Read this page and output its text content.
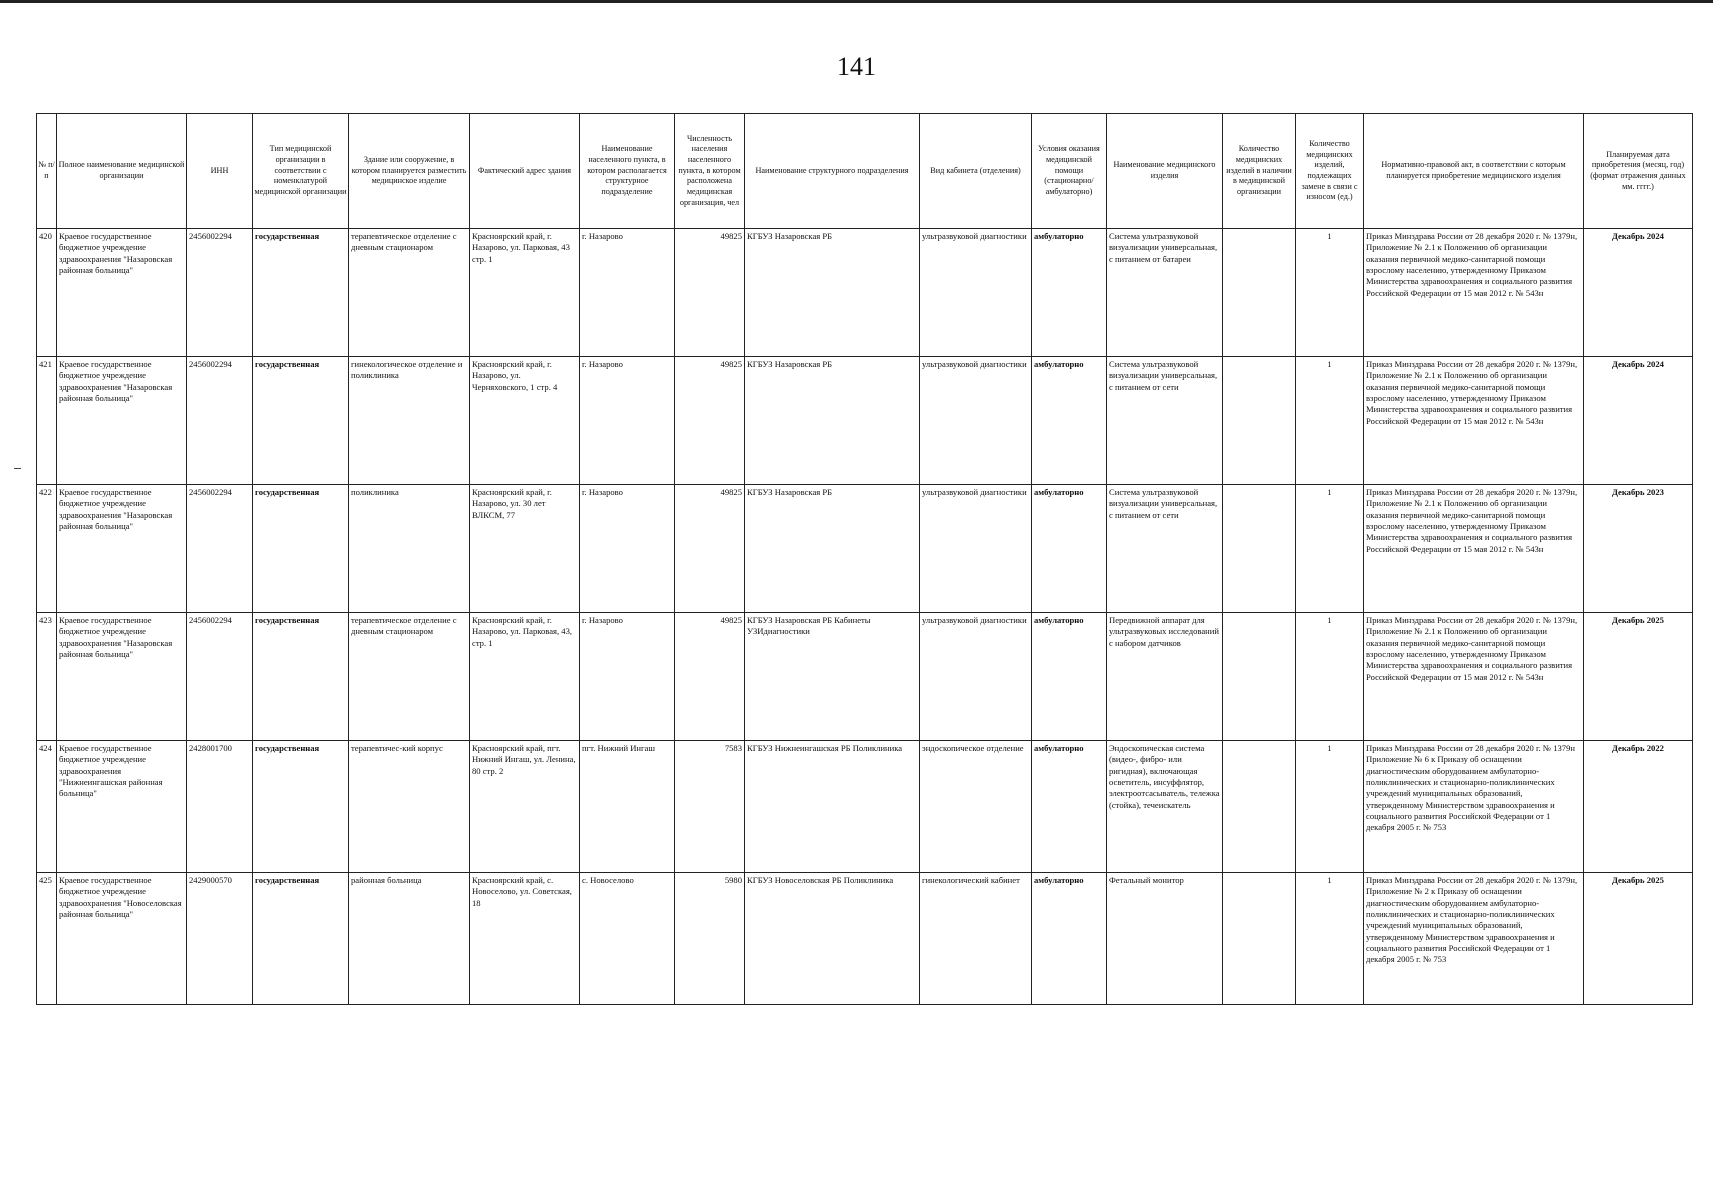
141
№ п/п	Полное наименование медицинской организации	ИНН	Тип медицинской организации в соответствии с номенклатурой медицинской организации	Здание или сооружение, в котором планируется разместить медицинское изделие	Фактический адрес здания	Наименование населенного пункта, в котором располагается структурное подразделение	Численность населения населенного пункта, в котором расположена медицинская организация, чел	Наименование структурного подразделения	Вид кабинета (отделения)	Условия оказания медицинской помощи (стационарно/ амбулаторно)	Наименование медицинского изделия	Количество медицинских изделий в наличии в медицинской организации	Количество медицинских изделий, подлежащих замене в связи с износом (ед.)	Нормативно-правовой акт, в соответствии с которым планируется приобретение медицинского изделия	Планируемая дата приобретения (месяц, год) (формат отражения данных мм. гггг.)
420	Краевое государственное бюджетное учреждение здравоохранения "Назаровская районная больница"	2456002294	государственная	терапевтическое отделение с дневным стационаром	Красноярский край, г. Назарово, ул. Парковая, 43 стр. 1	г. Назарово	49825	КГБУЗ Назаровская РБ	ультразвуковой диагностики	амбулаторно	Система ультразвуковой визуализации универсальная, с питанием от батареи		1	Приказ Минздрава России от 28 декабря 2020 г. № 1379н, Приложение № 2.1 к Положению об организации оказания первичной медико-санитарной помощи взрослому населению, утвержденному Приказом Министерства здравоохранения и социального развития Российской Федерации от 15 мая 2012 г. № 543н	Декабрь 2024
421	Краевое государственное бюджетное учреждение здравоохранения "Назаровская районная больница"	2456002294	государственная	гинекологическое отделение и поликлиника	Красноярский край, г. Назарово, ул. Черняховского, 1 стр. 4	г. Назарово	49825	КГБУЗ Назаровская РБ	ультразвуковой диагностики	амбулаторно	Система ультразвуковой визуализации универсальная, с питанием от сети		1	Приказ Минздрава России от 28 декабря 2020 г. № 1379н, Приложение № 2.1 к Положению об организации оказания первичной медико-санитарной помощи взрослому населению, утвержденному Приказом Министерства здравоохранения и социального развития Российской Федерации от 15 мая 2012 г. № 543н	Декабрь 2024
422	Краевое государственное бюджетное учреждение здравоохранения "Назаровская районная больница"	2456002294	государственная	поликлиника	Красноярский край, г. Назарово, ул. 30 лет ВЛКСМ, 77	г. Назарово	49825	КГБУЗ Назаровская РБ	ультразвуковой диагностики	амбулаторно	Система ультразвуковой визуализации универсальная, с питанием от сети		1	Приказ Минздрава России от 28 декабря 2020 г. № 1379н, Приложение № 2.1 к Положению об организации оказания первичной медико-санитарной помощи взрослому населению, утвержденному Приказом Министерства здравоохранения и социального развития Российской Федерации от 15 мая 2012 г. № 543н	Декабрь 2023
423	Краевое государственное бюджетное учреждение здравоохранения "Назаровская районная больница"	2456002294	государственная	терапевтическое отделение с дневным стационаром	Красноярский край, г. Назарово, ул. Парковая, 43, стр. 1	г. Назарово	49825	КГБУЗ Назаровская РБ Кабинеты УЗИдиагностики	ультразвуковой диагностики	амбулаторно	Передвижной аппарат для ультразвуковых исследований с набором датчиков		1	Приказ Минздрава России от 28 декабря 2020 г. № 1379н, Приложение № 2.1 к Положению об организации оказания первичной медико-санитарной помощи взрослому населению, утвержденному Приказом Министерства здравоохранения и социального развития Российской Федерации от 15 мая 2012 г. № 543н	Декабрь 2025
424	Краевое государственное бюджетное учреждение здравоохранения "Нижнеингашская районная больница"	2428001700	государственная	терапевтичес-кий корпус	Красноярский край, пгт. Нижний Ингаш, ул. Ленина, 80 стр. 2	пгт. Нижний Ингаш	7583	КГБУЗ Нижнеингашская РБ Поликлиника	эндоскопическое отделение	амбулаторно	Эндоскопическая система (видео-, фибро- или ригидная), включающая осветитель, инсуффлятор, электроотсасыватель, тележка (стойка), течеискатель		1	Приказ Минздрава России от 28 декабря 2020 г. № 1379н Приложение № 6 к Приказу об оснащении диагностическим оборудованием амбулаторно-поликлинических и стационарно-поликлинических учреждений муниципальных образований, утвержденному Министерством здравоохранения и социального развития Российской Федерации от 1 декабря 2005 г. № 753	Декабрь 2022
425	Краевое государственное бюджетное учреждение здравоохранения "Новоселовская районная больница"	2429000570	государственная	районная больница	Красноярский край, с. Новоселово, ул. Советская, 18	с. Новоселово	5980	КГБУЗ Новоселовская РБ Поликлиника	гинекологический кабинет	амбулаторно	Фетальный монитор		1	Приказ Минздрава России от 28 декабря 2020 г. № 1379н, Приложение № 2 к Приказу об оснащении диагностическим оборудованием амбулаторно-поликлинических и стационарно-поликлинических учреждений муниципальных образований, утвержденному Министерством здравоохранения и социального развития Российской Федерации от 1 декабря 2005 г. № 753	Декабрь 2025
